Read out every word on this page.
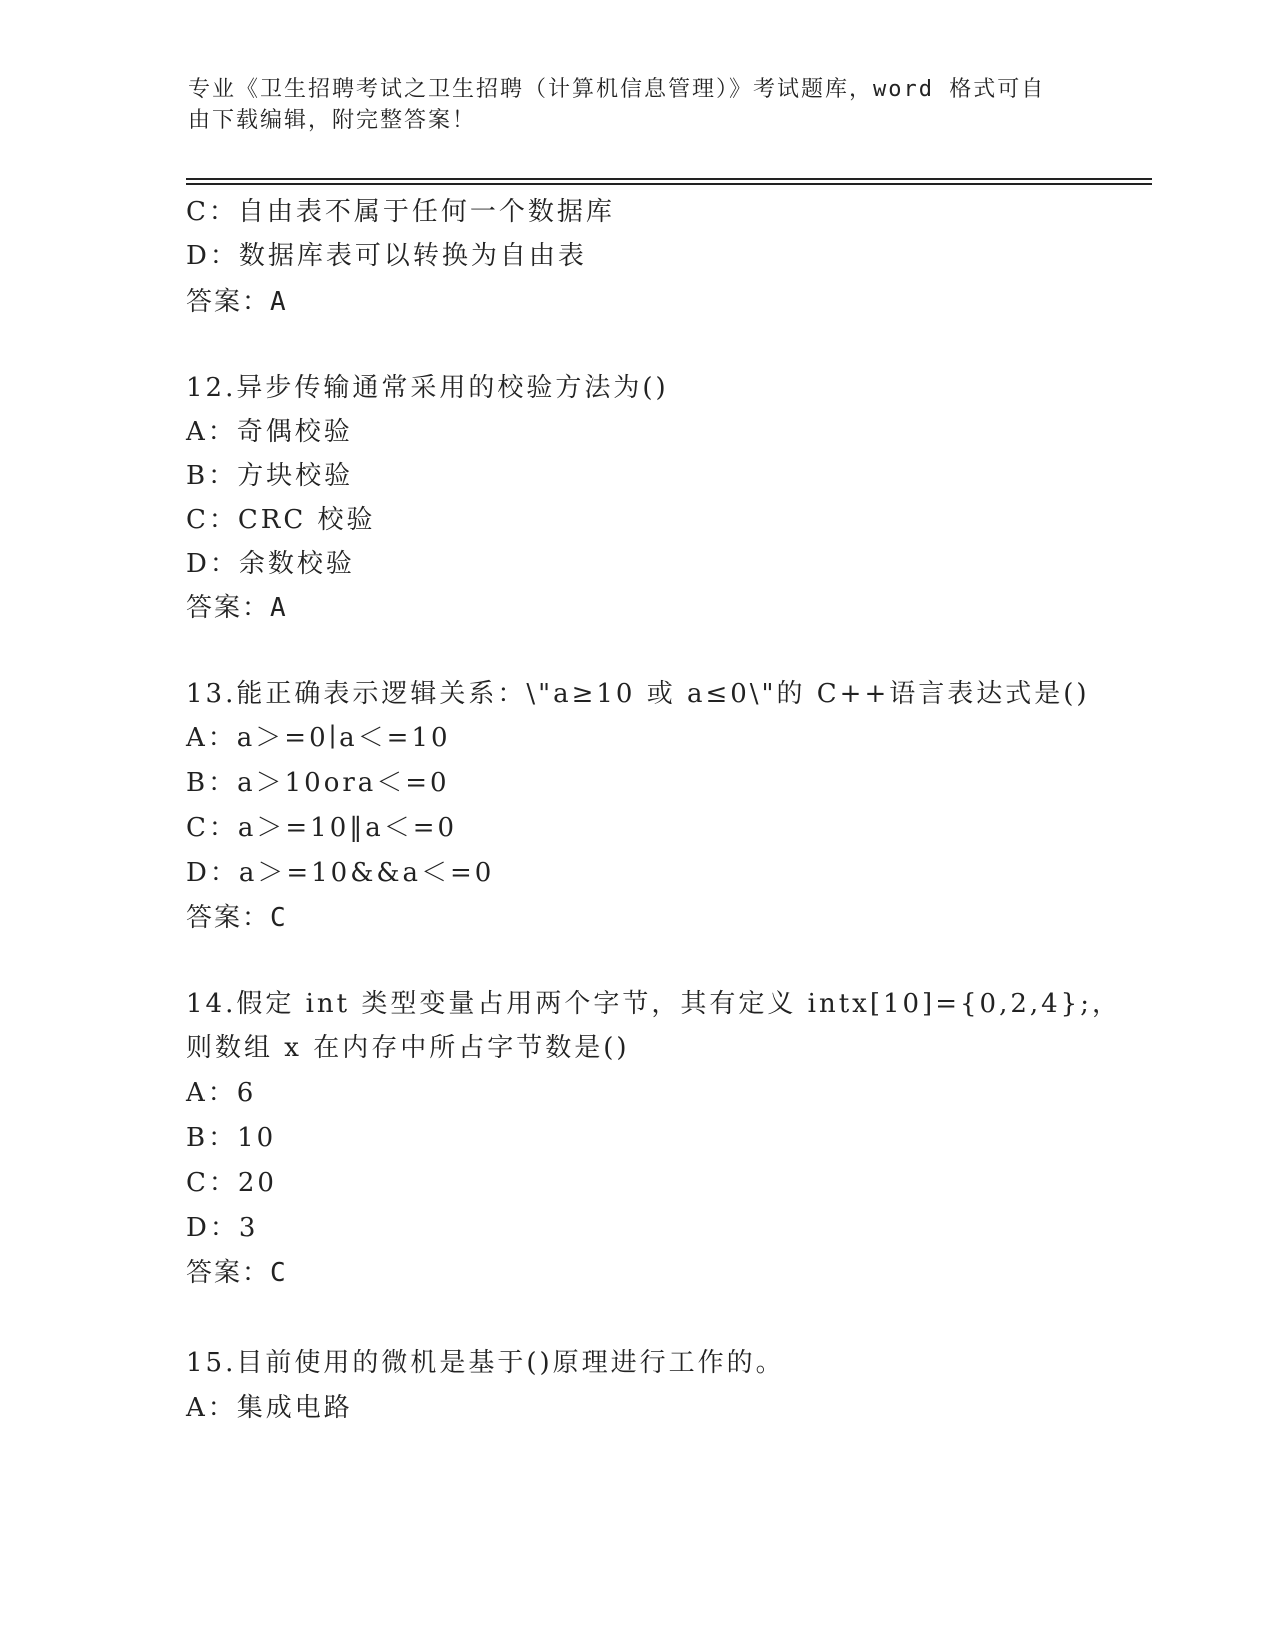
专业《卫生招聘考试之卫生招聘（计算机信息管理）》考试题库，word 格式可自由下载编辑，附完整答案！
C：自由表不属于任何一个数据库
D：数据库表可以转换为自由表
答案：A
12.异步传输通常采用的校验方法为()
A：奇偶校验
B：方块校验
C：CRC 校验
D：余数校验
答案：A
13.能正确表示逻辑关系：\"a≥10 或 a≤0\"的 C++语言表达式是()
A：a＞=0∣a＜=10
B：a＞10ora＜=0
C：a＞=10‖a＜=0
D：a＞=10&&a＜=0
答案：C
14.假定 int 类型变量占用两个字节，其有定义 intx[10]={0,2,4};，
则数组 x 在内存中所占字节数是()
A：6
B：10
C：20
D：3
答案：C
15.目前使用的微机是基于()原理进行工作的。
A：集成电路
